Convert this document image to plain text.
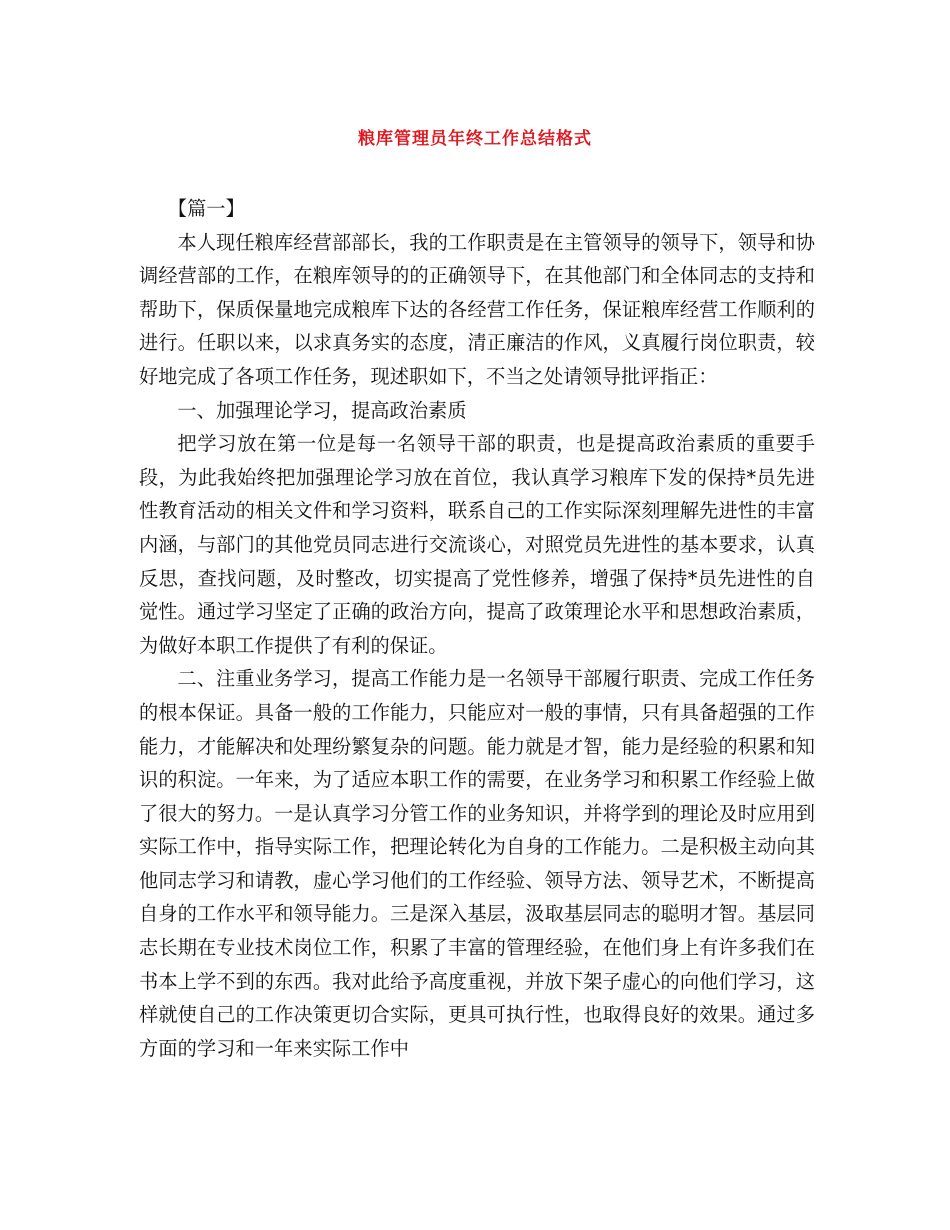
粮库管理员年终工作总结格式

【篇一】

本人现任粮库经营部部长，我的工作职责是在主管领导的领导下，领导和协调经营部的工作，在粮库领导的的正确领导下，在其他部门和全体同志的支持和帮助下，保质保量地完成粮库下达的各经营工作任务，保证粮库经营工作顺利的进行。任职以来，以求真务实的态度，清正廉洁的作风，义真履行岗位职责，较好地完成了各项工作任务，现述职如下，不当之处请领导批评指正：

一、加强理论学习，提高政治素质

把学习放在第一位是每一名领导干部的职责，也是提高政治素质的重要手段，为此我始终把加强理论学习放在首位，我认真学习粮库下发的保持*员先进性教育活动的相关文件和学习资料，联系自己的工作实际深刻理解先进性的丰富内涵，与部门的其他党员同志进行交流谈心，对照党员先进性的基本要求，认真反思，查找问题，及时整改，切实提高了党性修养，增强了保持*员先进性的自觉性。通过学习坚定了正确的政治方向，提高了政策理论水平和思想政治素质，为做好本职工作提供了有利的保证。

二、注重业务学习，提高工作能力是一名领导干部履行职责、完成工作任务的根本保证。具备一般的工作能力，只能应对一般的事情，只有具备超强的工作能力，才能解决和处理纷繁复杂的问题。能力就是才智，能力是经验的积累和知识的积淀。一年来，为了适应本职工作的需要，在业务学习和积累工作经验上做了很大的努力。一是认真学习分管工作的业务知识，并将学到的理论及时应用到实际工作中，指导实际工作，把理论转化为自身的工作能力。二是积极主动向其他同志学习和请教，虚心学习他们的工作经验、领导方法、领导艺术，不断提高自身的工作水平和领导能力。三是深入基层，汲取基层同志的聪明才智。基层同志长期在专业技术岗位工作，积累了丰富的管理经验，在他们身上有许多我们在书本上学不到的东西。我对此给予高度重视，并放下架子虚心的向他们学习，这样就使自己的工作决策更切合实际，更具可执行性，也取得良好的效果。通过多方面的学习和一年来实际工作中
